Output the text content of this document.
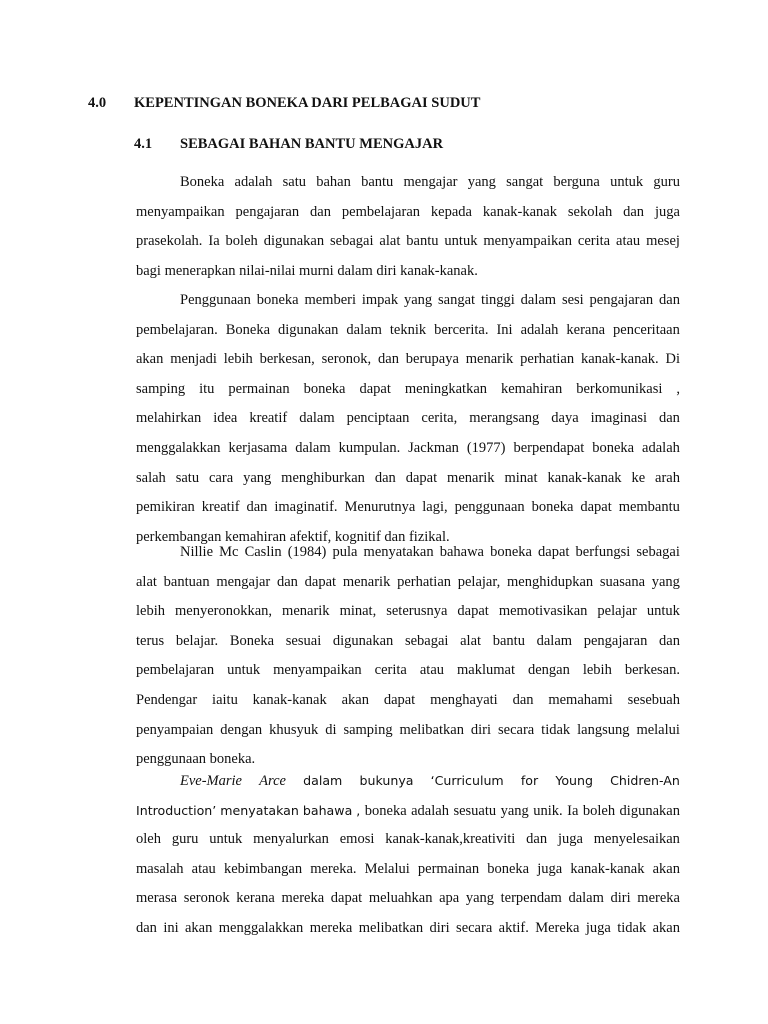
4.0 KEPENTINGAN BONEKA DARI PELBAGAI SUDUT
4.1 SEBAGAI BAHAN BANTU MENGAJAR
Boneka adalah satu bahan bantu mengajar yang sangat berguna untuk guru
menyampaikan pengajaran dan pembelajaran kepada kanak-kanak sekolah dan juga
prasekolah. Ia boleh digunakan sebagai alat bantu untuk menyampaikan cerita atau mesej
bagi menerapkan nilai-nilai murni dalam diri kanak-kanak.
Penggunaan boneka memberi impak yang sangat tinggi dalam sesi pengajaran dan
pembelajaran. Boneka digunakan dalam teknik bercerita. Ini adalah kerana penceritaan
akan menjadi lebih berkesan, seronok, dan berupaya menarik perhatian kanak-kanak. Di
samping itu permainan boneka dapat meningkatkan kemahiran berkomunikasi ,
melahirkan idea kreatif dalam penciptaan cerita, merangsang daya imaginasi dan
menggalakkan kerjasama dalam kumpulan. Jackman (1977) berpendapat boneka adalah
salah satu cara yang menghiburkan dan dapat menarik minat kanak-kanak ke arah
pemikiran kreatif dan imaginatif. Menurutnya lagi, penggunaan boneka dapat membantu
perkembangan kemahiran afektif, kognitif dan fizikal.
Nillie Mc Caslin (1984) pula menyatakan bahawa boneka dapat berfungsi sebagai
alat bantuan mengajar dan dapat menarik perhatian pelajar, menghidupkan suasana yang
lebih menyeronokkan, menarik minat, seterusnya dapat memotivasikan pelajar untuk
terus belajar. Boneka sesuai digunakan sebagai alat bantu dalam pengajaran dan
pembelajaran untuk menyampaikan cerita atau maklumat dengan lebih berkesan.
Pendengar iaitu kanak-kanak akan dapat menghayati dan memahami sesebuah
penyampaian dengan khusyuk di samping melibatkan diri secara tidak langsung melalui
penggunaan boneka.
Eve-Marie Arce dalam bukunya ‘Curriculum for Young Chidren-An
Introduction’ menyatakan bahawa , boneka adalah sesuatu yang unik. Ia boleh digunakan
oleh guru untuk menyalurkan emosi kanak-kanak,kreativiti dan juga menyelesaikan
masalah atau kebimbangan mereka. Melalui permainan boneka juga kanak-kanak akan
merasa seronok kerana mereka dapat meluahkan apa yang terpendam dalam diri mereka
dan ini akan menggalakkan mereka melibatkan diri secara aktif. Mereka juga tidak akan
